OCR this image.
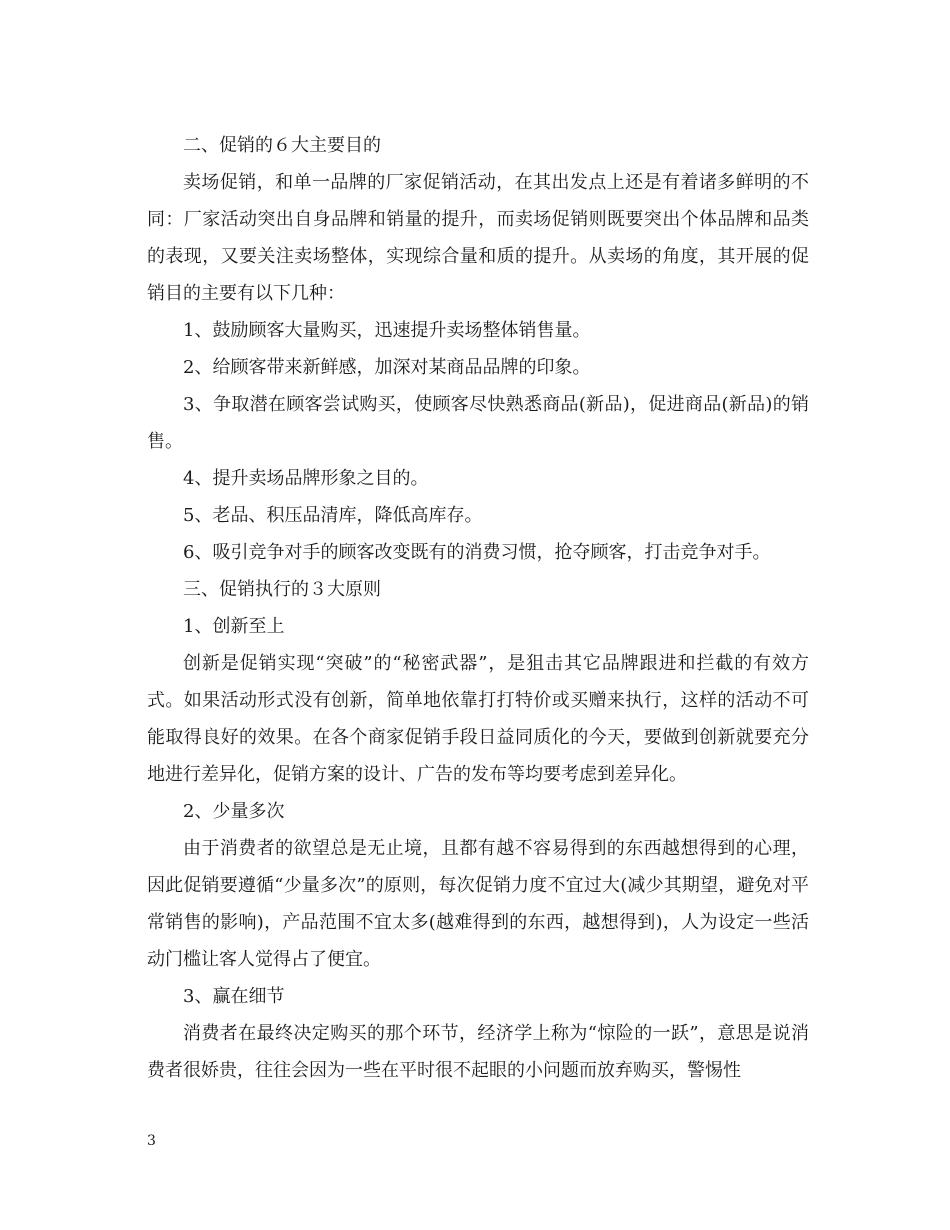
二、促销的６大主要目的

卖场促销，和单一品牌的厂家促销活动，在其出发点上还是有着诸多鲜明的不同：厂家活动突出自身品牌和销量的提升，而卖场促销则既要突出个体品牌和品类的表现，又要关注卖场整体，实现综合量和质的提升。从卖场的角度，其开展的促销目的主要有以下几种：

1、鼓励顾客大量购买，迅速提升卖场整体销售量。

2、给顾客带来新鲜感，加深对某商品品牌的印象。

3、争取潜在顾客尝试购买，使顾客尽快熟悉商品(新品)，促进商品(新品)的销售。

4、提升卖场品牌形象之目的。

5、老品、积压品清库，降低高库存。

6、吸引竞争对手的顾客改变既有的消费习惯，抢夺顾客，打击竞争对手。

三、促销执行的３大原则

1、创新至上

创新是促销实现“突破”的“秘密武器”，是狙击其它品牌跟进和拦截的有效方式。如果活动形式没有创新，简单地依靠打打特价或买赠来执行，这样的活动不可能取得良好的效果。在各个商家促销手段日益同质化的今天，要做到创新就要充分地进行差异化，促销方案的设计、广告的发布等均要考虑到差异化。

2、少量多次

由于消费者的欲望总是无止境，且都有越不容易得到的东西越想得到的心理，因此促销要遵循“少量多次”的原则，每次促销力度不宜过大(减少其期望，避免对平常销售的影响)，产品范围不宜太多(越难得到的东西，越想得到)，人为设定一些活动门槛让客人觉得占了便宜。

3、赢在细节

消费者在最终决定购买的那个环节，经济学上称为“惊险的一跃”，意思是说消费者很娇贵，往往会因为一些在平时很不起眼的小问题而放弃购买，警惕性

3
